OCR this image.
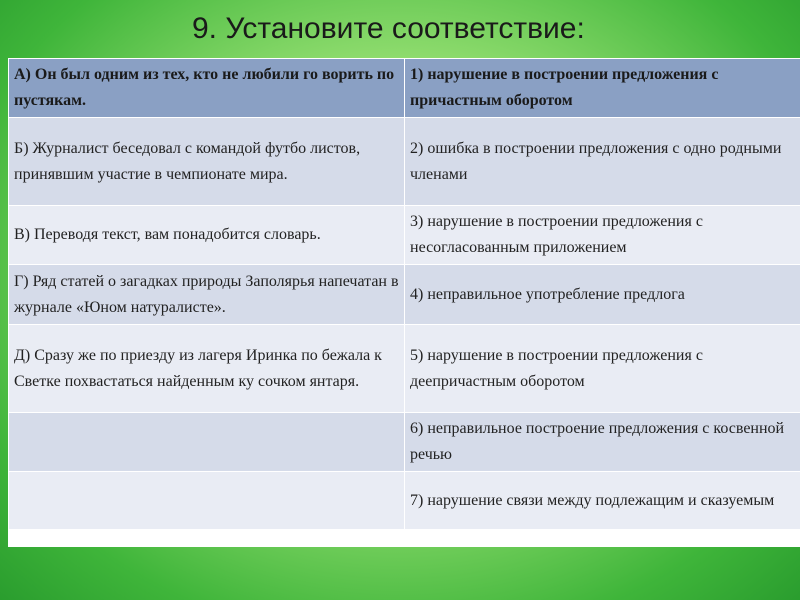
9. Установите соответствие:
А) Он был одним из тех, кто не любили го ворить по пустякам.	1) нарушение в построении предложения с причастным оборотом
Б) Журналист беседовал с командой футбо листов, принявшим участие в чемпионате мира.	2) ошибка в построении предложения с одно родными членами
В) Переводя текст, вам понадобится словарь.	3) нарушение в построении предложения с несогласованным приложением
Г) Ряд статей о загадках природы Заполярья напечатан в журнале «Юном натуралисте».	4) неправильное употребление предлога
Д) Сразу же по приезду из лагеря Иринка по бежала к Светке похвастаться найденным ку сочком янтаря.	5) нарушение в построении предложения с деепричастным оборотом
	6) неправильное построение предложения с косвенной речью
	7) нарушение связи между подлежащим и сказуемым
